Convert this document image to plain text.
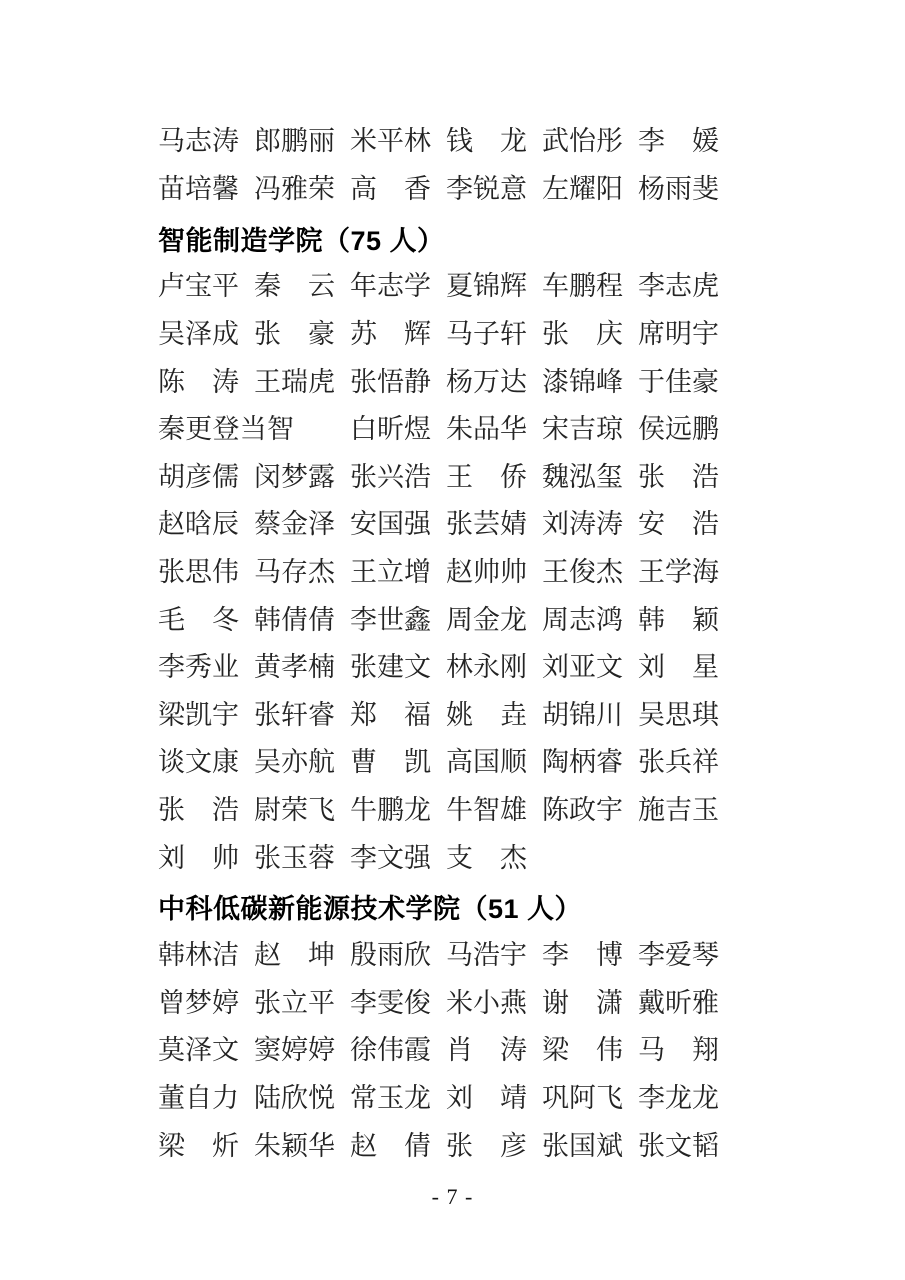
马志涛 郎鹏丽 米平林 钱 龙 武怡彤 李 媛
苗培馨 冯雅荣 高 香 李锐意 左耀阳 杨雨斐
智能制造学院（75 人）
卢宝平 秦 云 年志学 夏锦辉 车鹏程 李志虎
吴泽成 张 豪 苏 辉 马子轩 张 庆 席明宇
陈 涛 王瑞虎 张悟静 杨万达 漆锦峰 于佳豪
秦 更 登 当 智 白昕煜 朱品华 宋吉琼 侯远鹏
胡彦儒 闵梦露 张兴浩 王 侨 魏泓玺 张 浩
赵晗辰 蔡金泽 安国强 张芸婧 刘涛涛 安 浩
张思伟 马存杰 王立增 赵帅帅 王俊杰 王学海
毛 冬 韩倩倩 李世鑫 周金龙 周志鸿 韩 颖
李秀业 黄孝楠 张建文 林永刚 刘亚文 刘 星
梁凯宇 张轩睿 郑 福 姚 垚 胡锦川 吴思琪
谈文康 吴亦航 曹 凯 高国顺 陶柄睿 张兵祥
张 浩 尉荣飞 牛鹏龙 牛智雄 陈政宇 施吉玉
刘 帅 张玉蓉 李文强 支 杰
中科低碳新能源技术学院（51 人）
韩林洁 赵 坤 殷雨欣 马浩宇 李 博 李爱琴
曾梦婷 张立平 李雯俊 米小燕 谢 潇 戴昕雅
莫泽文 窦婷婷 徐伟霞 肖 涛 梁 伟 马 翔
董自力 陆欣悦 常玉龙 刘 靖 巩阿飞 李龙龙
梁 炘 朱颖华 赵 倩 张 彦 张国斌 张文韬
- 7 -
